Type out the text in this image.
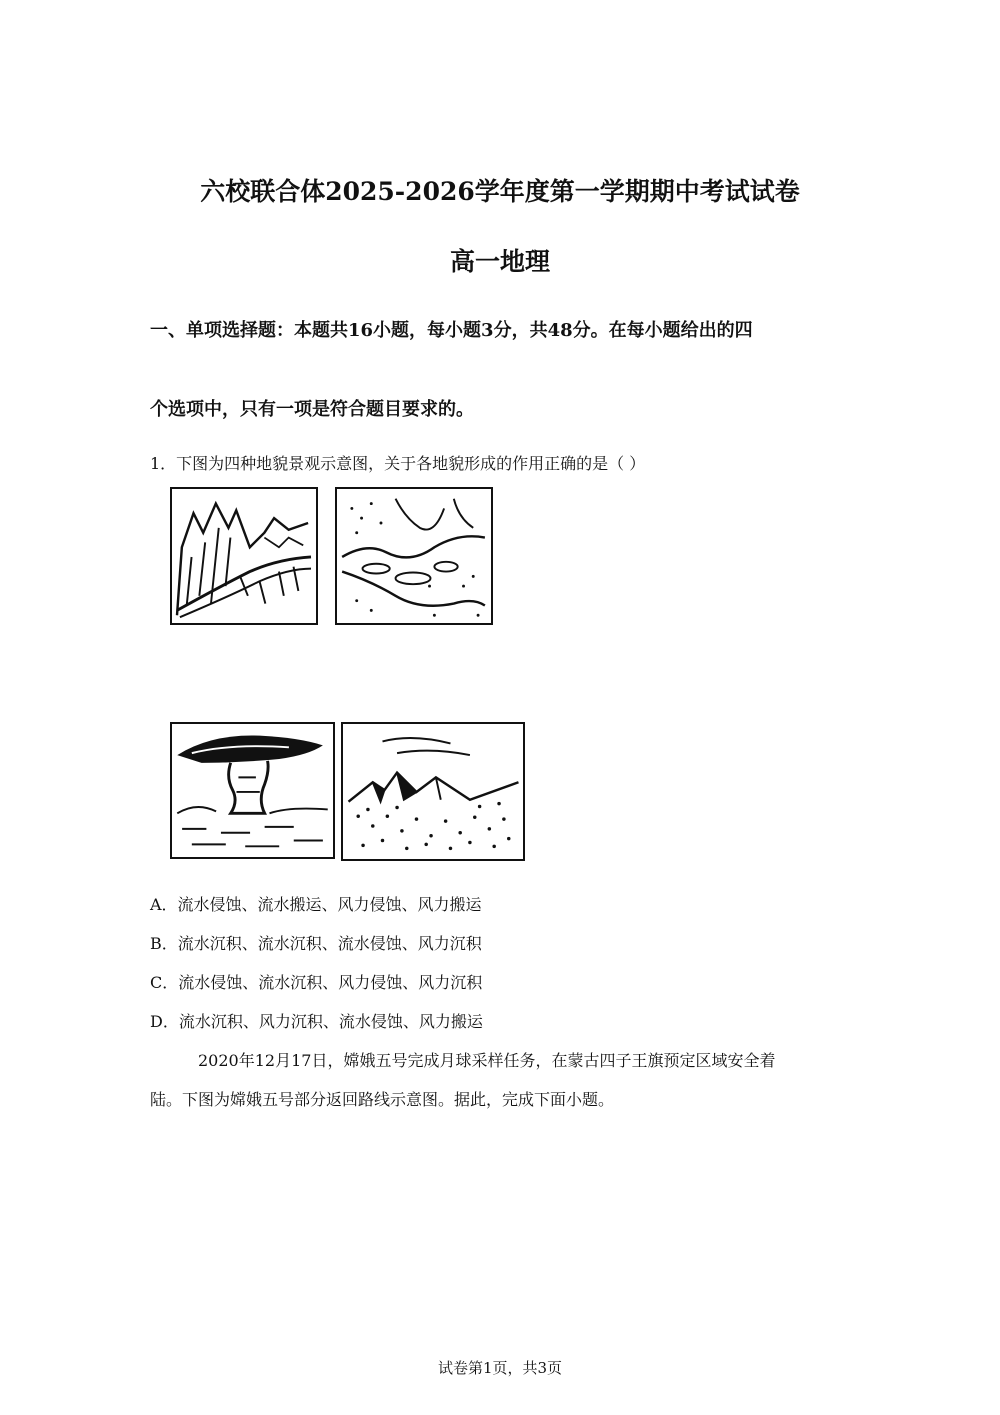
六校联合体2025-2026学年度第一学期期中考试试卷
高一地理
一、单项选择题：本题共16小题，每小题3分，共48分。在每小题给出的四
个选项中，只有一项是符合题目要求的。
1．下图为四种地貌景观示意图，关于各地貌形成的作用正确的是（ ）
A．流水侵蚀、流水搬运、风力侵蚀、风力搬运
B．流水沉积、流水沉积、流水侵蚀、风力沉积
C．流水侵蚀、流水沉积、风力侵蚀、风力沉积
D．流水沉积、风力沉积、流水侵蚀、风力搬运
2020年12月17日，嫦娥五号完成月球采样任务，在蒙古四子王旗预定区域安全着
陆。下图为嫦娥五号部分返回路线示意图。据此，完成下面小题。
试卷第1页，共3页
